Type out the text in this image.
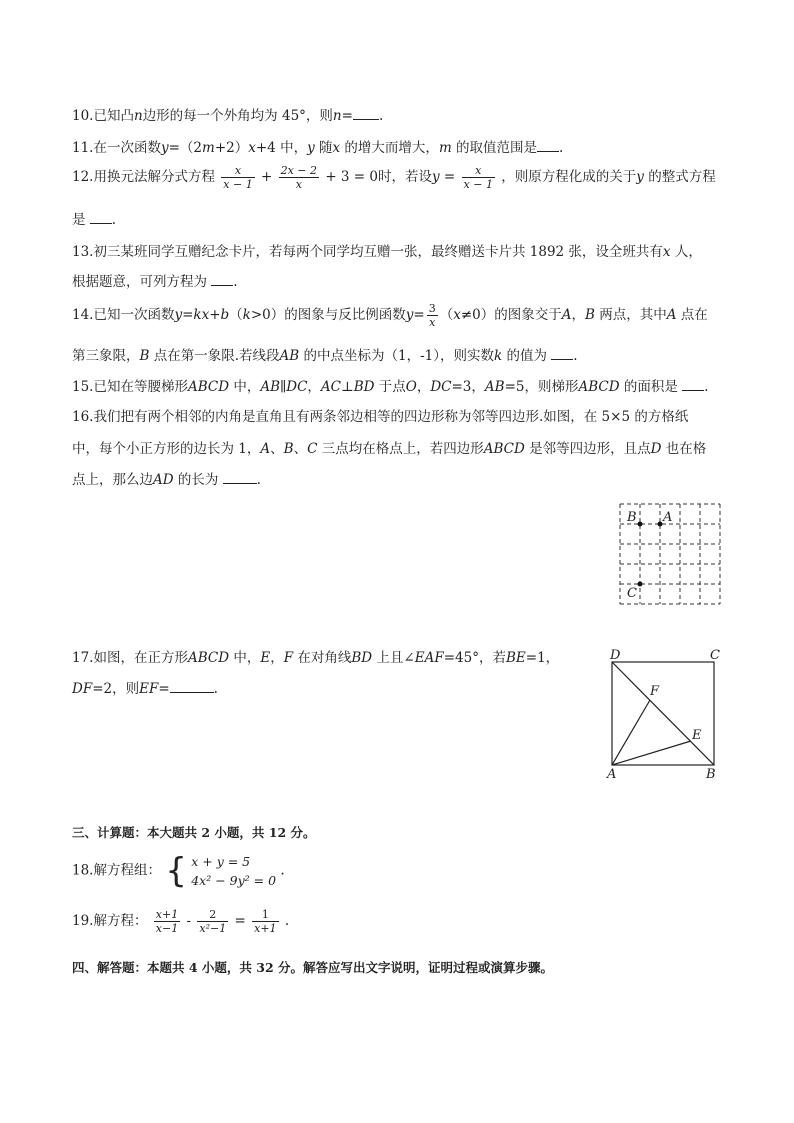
10.已知凸n边形的每一个外角均为 45°，则n= .
11.在一次函数y=（2m+2）x+4 中，y 随x 的增大而增大，m 的取值范围是 .
12.用换元法解分式方程 $\frac{x}{x - 1} + \frac{2x - 2}{x} + 3 = 0$时，若设$y = \frac{x}{x - 1}$ ，则原方程化成的关于y 的整式方程
是 .
13.初三某班同学互赠纪念卡片，若每两个同学均互赠一张，最终赠送卡片共 1892 张，设全班共有x 人，
根据题意，可列方程为 .
14.已知一次函数y=kx+b（k>0）的图象与反比例函数$y= \frac{3}{x} (x\ne 0)$的图象交于A，B 两点，其中A 点在
第三象限，B 点在第一象限.若线段AB 的中点坐标为（1，-1），则实数k 的值为 .
15.已知在等腰梯形ABCD 中，AB∥DC，AC⊥BD 于点O，DC=3，AB=5，则梯形ABCD 的面积是 .
16.我们把有两个相邻的内角是直角且有两条邻边相等的四边形称为邻等四边形.如图，在 5×5 的方格纸
中，每个小正方形的边长为 1，A、B、C 三点均在格点上，若四边形ABCD 是邻等四边形，且点D 也在格
点上，那么边AD 的长为	.
B A
C
17.如图，在正方形ABCD 中，E，F 在对角线BD 上且∠EAF=45°，若BE=1，
DF=2，则EF=	.
D	C
F
E
A	B
三、计算题：本大题共 2 小题，共 12 分。
18.解方程组： { x + y = 5
4x² − 9y² = 0
.
19.解方程： $\frac{x+1}{x-1} - \frac{2}{\text{x²−1}} = \frac{1}{x+1}$ .
四、解答题：本题共 4 小题，共 32 分。解答应写出文字说明，证明过程或演算步骤。
